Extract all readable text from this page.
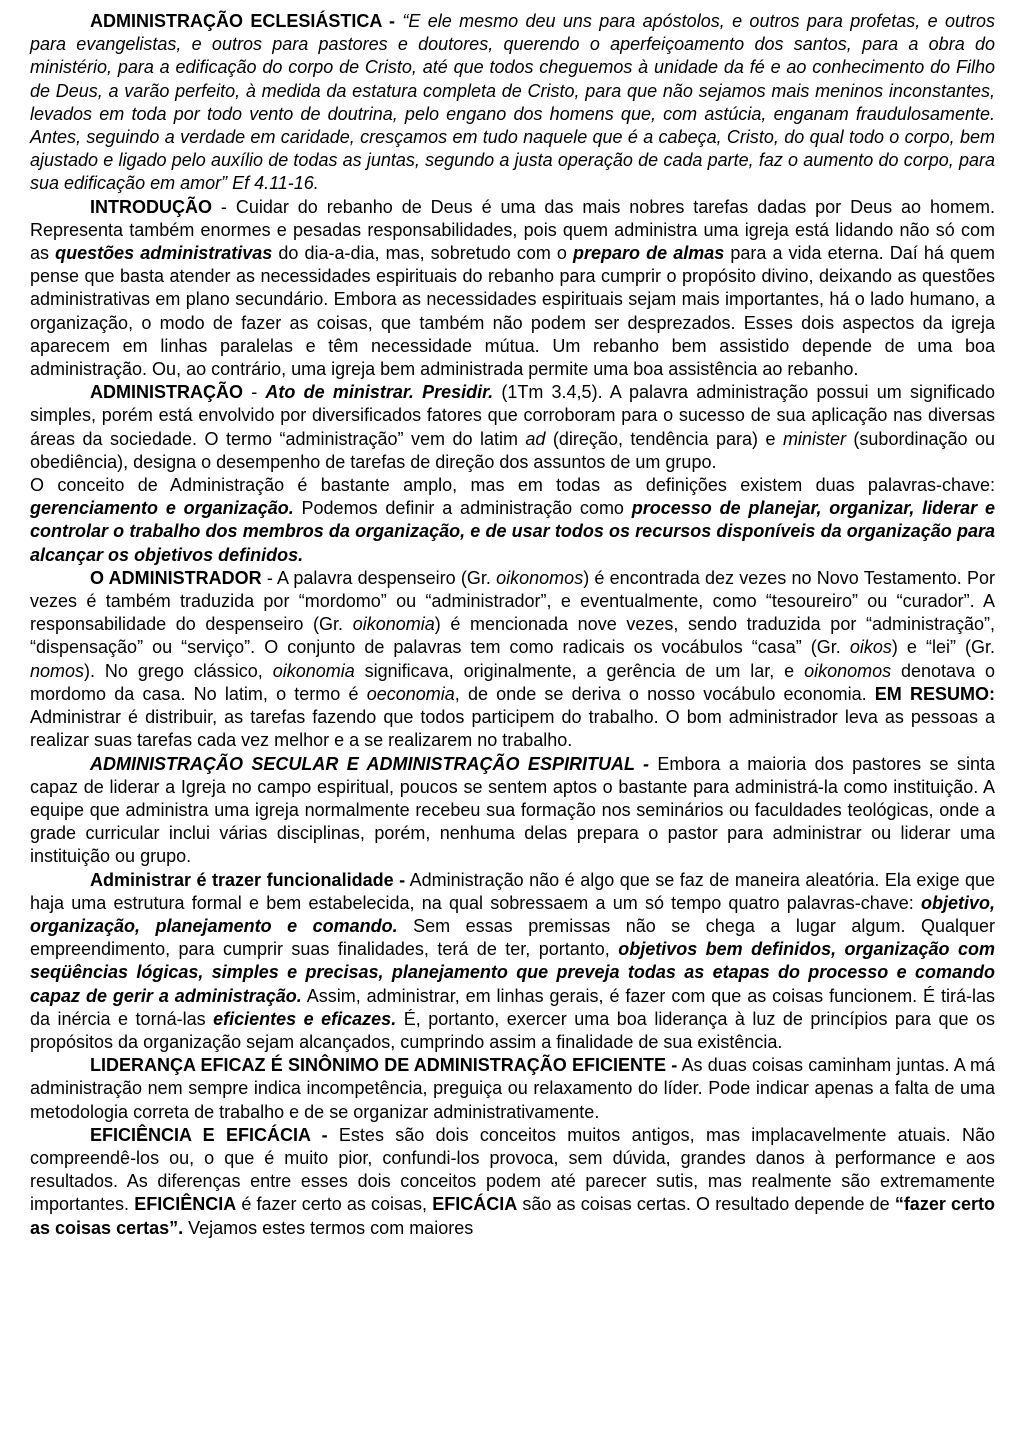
ADMINISTRAÇÃO ECLESIÁSTICA - “E ele mesmo deu uns para apóstolos, e outros para profetas, e outros para evangelistas, e outros para pastores e doutores, querendo o aperfeiçoamento dos santos, para a obra do ministério, para a edificação do corpo de Cristo, até que todos cheguemos à unidade da fé e ao conhecimento do Filho de Deus, a varão perfeito, à medida da estatura completa de Cristo, para que não sejamos mais meninos inconstantes, levados em toda por todo vento de doutrina, pelo engano dos homens que, com astúcia, enganam fraudulosamente. Antes, seguindo a verdade em caridade, cresçamos em tudo naquele que é a cabeça, Cristo, do qual todo o corpo, bem ajustado e ligado pelo auxílio de todas as juntas, segundo a justa operação de cada parte, faz o aumento do corpo, para sua edificação em amor” Ef 4.11-16.

INTRODUÇÃO - Cuidar do rebanho de Deus é uma das mais nobres tarefas dadas por Deus ao homem. Representa também enormes e pesadas responsabilidades, pois quem administra uma igreja está lidando não só com as questões administrativas do dia-a-dia, mas, sobretudo com o preparo de almas para a vida eterna. Daí há quem pense que basta atender as necessidades espirituais do rebanho para cumprir o propósito divino, deixando as questões administrativas em plano secundário. Embora as necessidades espirituais sejam mais importantes, há o lado humano, a organização, o modo de fazer as coisas, que também não podem ser desprezados. Esses dois aspectos da igreja aparecem em linhas paralelas e têm necessidade mútua. Um rebanho bem assistido depende de uma boa administração. Ou, ao contrário, uma igreja bem administrada permite uma boa assistência ao rebanho.

ADMINISTRAÇÃO - Ato de ministrar. Presidir. (1Tm 3.4,5). A palavra administração possui um significado simples, porém está envolvido por diversificados fatores que corroboram para o sucesso de sua aplicação nas diversas áreas da sociedade. O termo “administração” vem do latim ad (direção, tendência para) e minister (subordinação ou obediência), designa o desempenho de tarefas de direção dos assuntos de um grupo.

O conceito de Administração é bastante amplo, mas em todas as definições existem duas palavras-chave: gerenciamento e organização. Podemos definir a administração como processo de planejar, organizar, liderar e controlar o trabalho dos membros da organização, e de usar todos os recursos disponíveis da organização para alcançar os objetivos definidos.

O ADMINISTRADOR - A palavra despenseiro (Gr. oikonomos) é encontrada dez vezes no Novo Testamento. Por vezes é também traduzida por “mordomo” ou “administrador”, e eventualmente, como “tesoureiro” ou “curador”. A responsabilidade do despenseiro (Gr. oikonomia) é mencionada nove vezes, sendo traduzida por “administração”, “dispensação” ou “serviço”. O conjunto de palavras tem como radicais os vocábulos “casa” (Gr. oikos) e “lei” (Gr. nomos). No grego clássico, oikonomia significava, originalmente, a gerência de um lar, e oikonomos denotava o mordomo da casa. No latim, o termo é oeconomia, de onde se deriva o nosso vocábulo economia. EM RESUMO: Administrar é distribuir, as tarefas fazendo que todos participem do trabalho. O bom administrador leva as pessoas a realizar suas tarefas cada vez melhor e a se realizarem no trabalho.

ADMINISTRAÇÃO SECULAR E ADMINISTRAÇÃO ESPIRITUAL - Embora a maioria dos pastores se sinta capaz de liderar a Igreja no campo espiritual, poucos se sentem aptos o bastante para administrá-la como instituição. A equipe que administra uma igreja normalmente recebeu sua formação nos seminários ou faculdades teológicas, onde a grade curricular inclui várias disciplinas, porém, nenhuma delas prepara o pastor para administrar ou liderar uma instituição ou grupo.

Administrar é trazer funcionalidade - Administração não é algo que se faz de maneira aleatória. Ela exige que haja uma estrutura formal e bem estabelecida, na qual sobressaem a um só tempo quatro palavras-chave: objetivo, organização, planejamento e comando. Sem essas premissas não se chega a lugar algum. Qualquer empreendimento, para cumprir suas finalidades, terá de ter, portanto, objetivos bem definidos, organização com seqüências lógicas, simples e precisas, planejamento que preveja todas as etapas do processo e comando capaz de gerir a administração. Assim, administrar, em linhas gerais, é fazer com que as coisas funcionem. É tirá-las da inércia e torná-las eficientes e eficazes. É, portanto, exercer uma boa liderança à luz de princípios para que os propósitos da organização sejam alcançados, cumprindo assim a finalidade de sua existência.

LIDERANÇA EFICAZ É SINÔNIMO DE ADMINISTRAÇÃO EFICIENTE - As duas coisas caminham juntas. A má administração nem sempre indica incompetência, preguiça ou relaxamento do líder. Pode indicar apenas a falta de uma metodologia correta de trabalho e de se organizar administrativamente.

EFICIÊNCIA E EFICÁCIA - Estes são dois conceitos muitos antigos, mas implacavelmente atuais. Não compreendê-los ou, o que é muito pior, confundi-los provoca, sem dúvida, grandes danos à performance e aos resultados. As diferenças entre esses dois conceitos podem até parecer sutis, mas realmente são extremamente importantes. EFICIÊNCIA é fazer certo as coisas, EFICÁCIA são as coisas certas. O resultado depende de “fazer certo as coisas certas”. Vejamos estes termos com maiores
